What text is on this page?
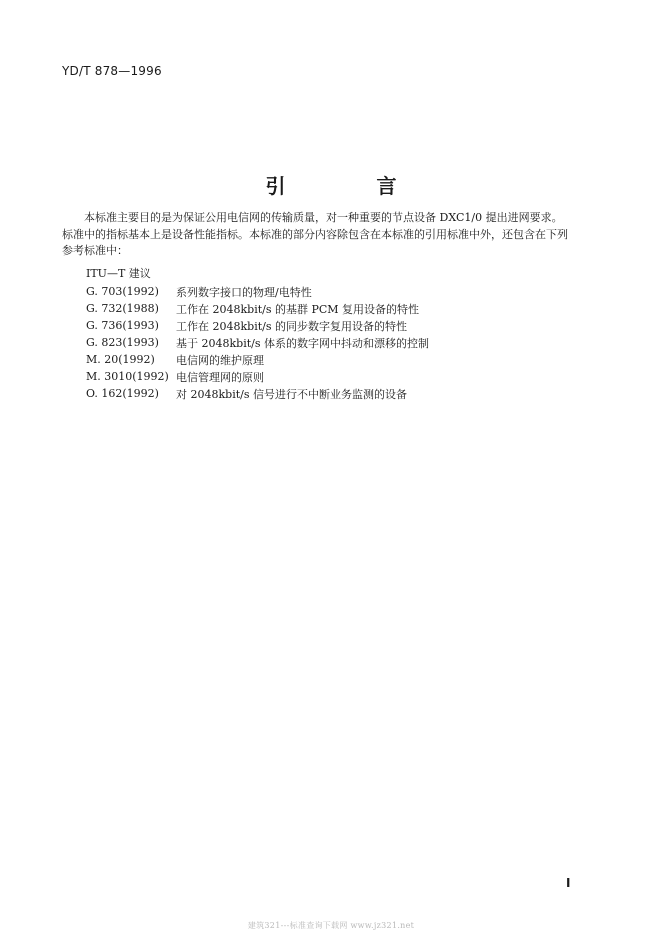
YD/T 878—1996
引 言
本标准主要目的是为保证公用电信网的传输质量，对一种重要的节点设备 DXC1/0 提出进网要求。
标准中的指标基本上是设备性能指标。本标准的部分内容除包含在本标准的引用标准中外，还包含在下列
参考标准中：
ITU—T 建议
G. 703(1992)	系列数字接口的物理/电特性
G. 732(1988)	工作在 2048kbit/s 的基群 PCM 复用设备的特性
G. 736(1993)	工作在 2048kbit/s 的同步数字复用设备的特性
G. 823(1993)	基于 2048kbit/s 体系的数字网中抖动和漂移的控制
M. 20(1992)	电信网的维护原理
M. 3010(1992) 电信管理网的原则
O. 162(1992)	对 2048kbit/s 信号进行不中断业务监测的设备
I
建筑321---标准查询下载网 www.jz321.net
